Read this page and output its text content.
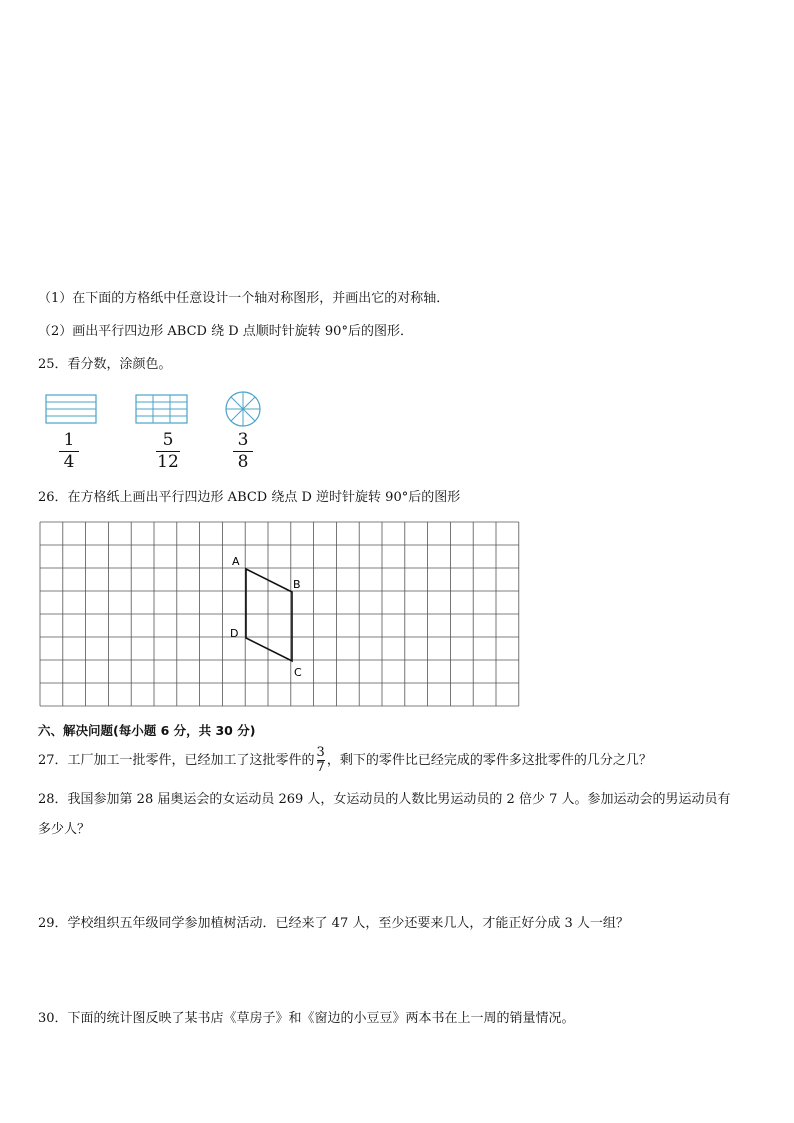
（1）在下面的方格纸中任意设计一个轴对称图形，并画出它的对称轴．
（2）画出平行四边形 ABCD 绕 D 点顺时针旋转 90°后的图形．
25．看分数，涂颜色。
1
4
5
12
3
8
26．在方格纸上画出平行四边形 ABCD 绕点 D 逆时针旋转 90°后的图形
A
B
C
D
六、解决问题(每小题 6 分，共 30 分)
27．工厂加工一批零件，已经加工了这批零件的 $\frac{3}{7}$ ，剩下的零件比已经完成的零件多这批零件的几分之几？
28．我国参加第 28 届奥运会的女运动员 269 人，女运动员的人数比男运动员的 2 倍少 7 人。参加运动会的男运动员有
多少人？
29．学校组织五年级同学参加植树活动．已经来了 47 人，至少还要来几人，才能正好分成 3 人一组？
30．下面的统计图反映了某书店《草房子》和《窗边的小豆豆》两本书在上一周的销量情况。
